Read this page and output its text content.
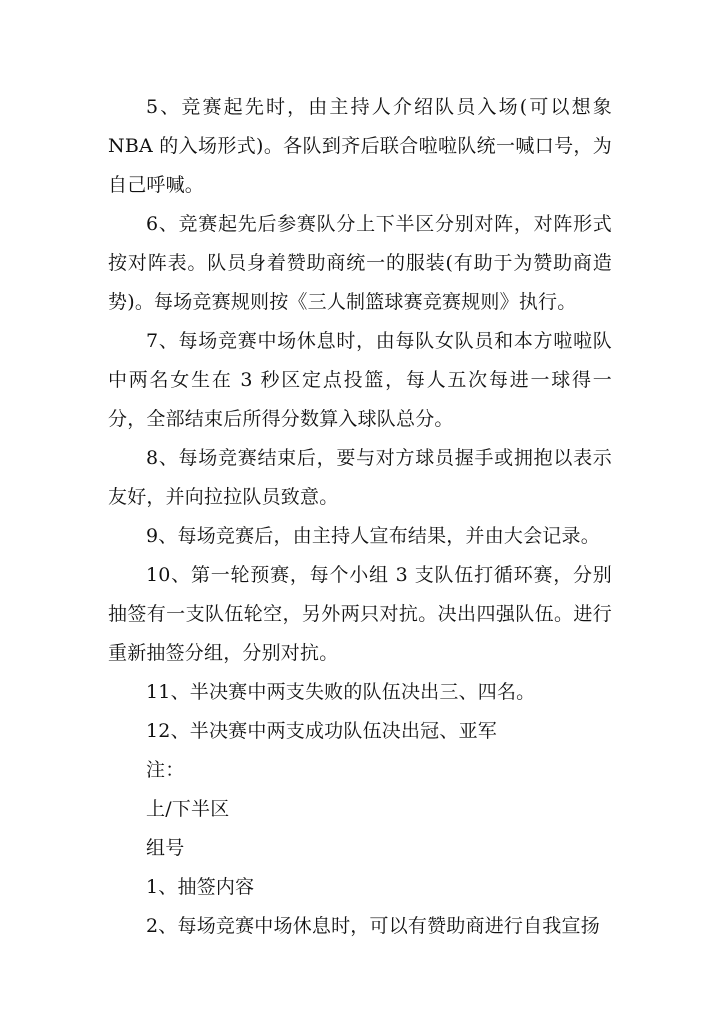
5、竞赛起先时，由主持人介绍队员入场(可以想象 NBA 的入场形式)。各队到齐后联合啦啦队统一喊口号，为自己呼喊。

6、竞赛起先后参赛队分上下半区分别对阵，对阵形式按对阵表。队员身着赞助商统一的服装(有助于为赞助商造势)。每场竞赛规则按《三人制篮球赛竞赛规则》执行。

7、每场竞赛中场休息时，由每队女队员和本方啦啦队中两名女生在 3 秒区定点投篮，每人五次每进一球得一分，全部结束后所得分数算入球队总分。

8、每场竞赛结束后，要与对方球员握手或拥抱以表示友好，并向拉拉队员致意。

9、每场竞赛后，由主持人宣布结果，并由大会记录。

10、第一轮预赛，每个小组 3 支队伍打循环赛，分别抽签有一支队伍轮空，另外两只对抗。决出四强队伍。进行重新抽签分组，分别对抗。

11、半决赛中两支失败的队伍决出三、四名。

12、半决赛中两支成功队伍决出冠、亚军

注：

上/下半区

组号

1、抽签内容

2、每场竞赛中场休息时，可以有赞助商进行自我宣扬
